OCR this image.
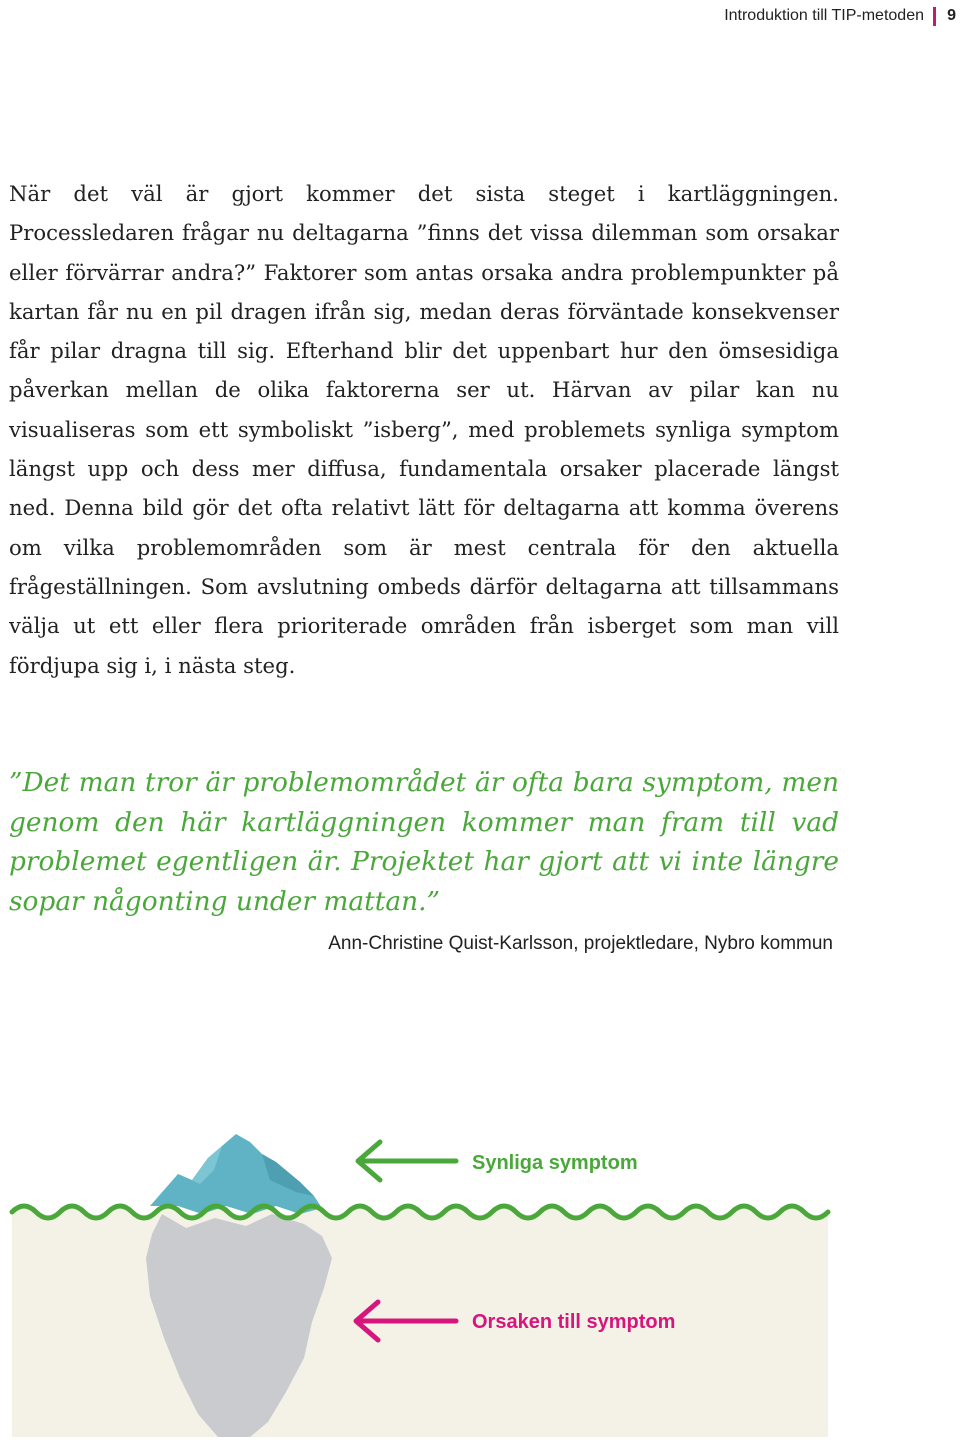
Introduktion till TIP-metoden 9

När det väl är gjort kommer det sista steget i kartläggningen. Processledaren frågar nu deltagarna ”finns det vissa dilemman som orsakar eller förvärrar andra?” Faktorer som antas orsaka andra problempunkter på kartan får nu en pil dragen ifrån sig, medan deras förväntade konsekvenser får pilar dragna till sig. Efterhand blir det uppenbart hur den ömsesidiga påverkan mellan de olika faktorerna ser ut. Härvan av pilar kan nu visualiseras som ett symboliskt ”isberg”, med problemets synliga symptom längst upp och dess mer diffusa, fundamentala orsaker placerade längst ned. Denna bild gör det ofta relativt lätt för deltagarna att komma överens om vilka problemområden som är mest centrala för den aktuella frågeställningen. Som avslutning ombeds därför deltagarna att tillsammans välja ut ett eller flera prioriterade områden från isberget som man vill fördjupa sig i, i nästa steg.

”Det man tror är problemområdet är ofta bara symptom, men genom den här kartläggningen kommer man fram till vad problemet egentligen är. Projektet har gjort att vi inte längre sopar någonting under mattan.”

Ann-Christine Quist-Karlsson, projektledare, Nybro kommun
Synliga symptom
Orsaken till symptom
